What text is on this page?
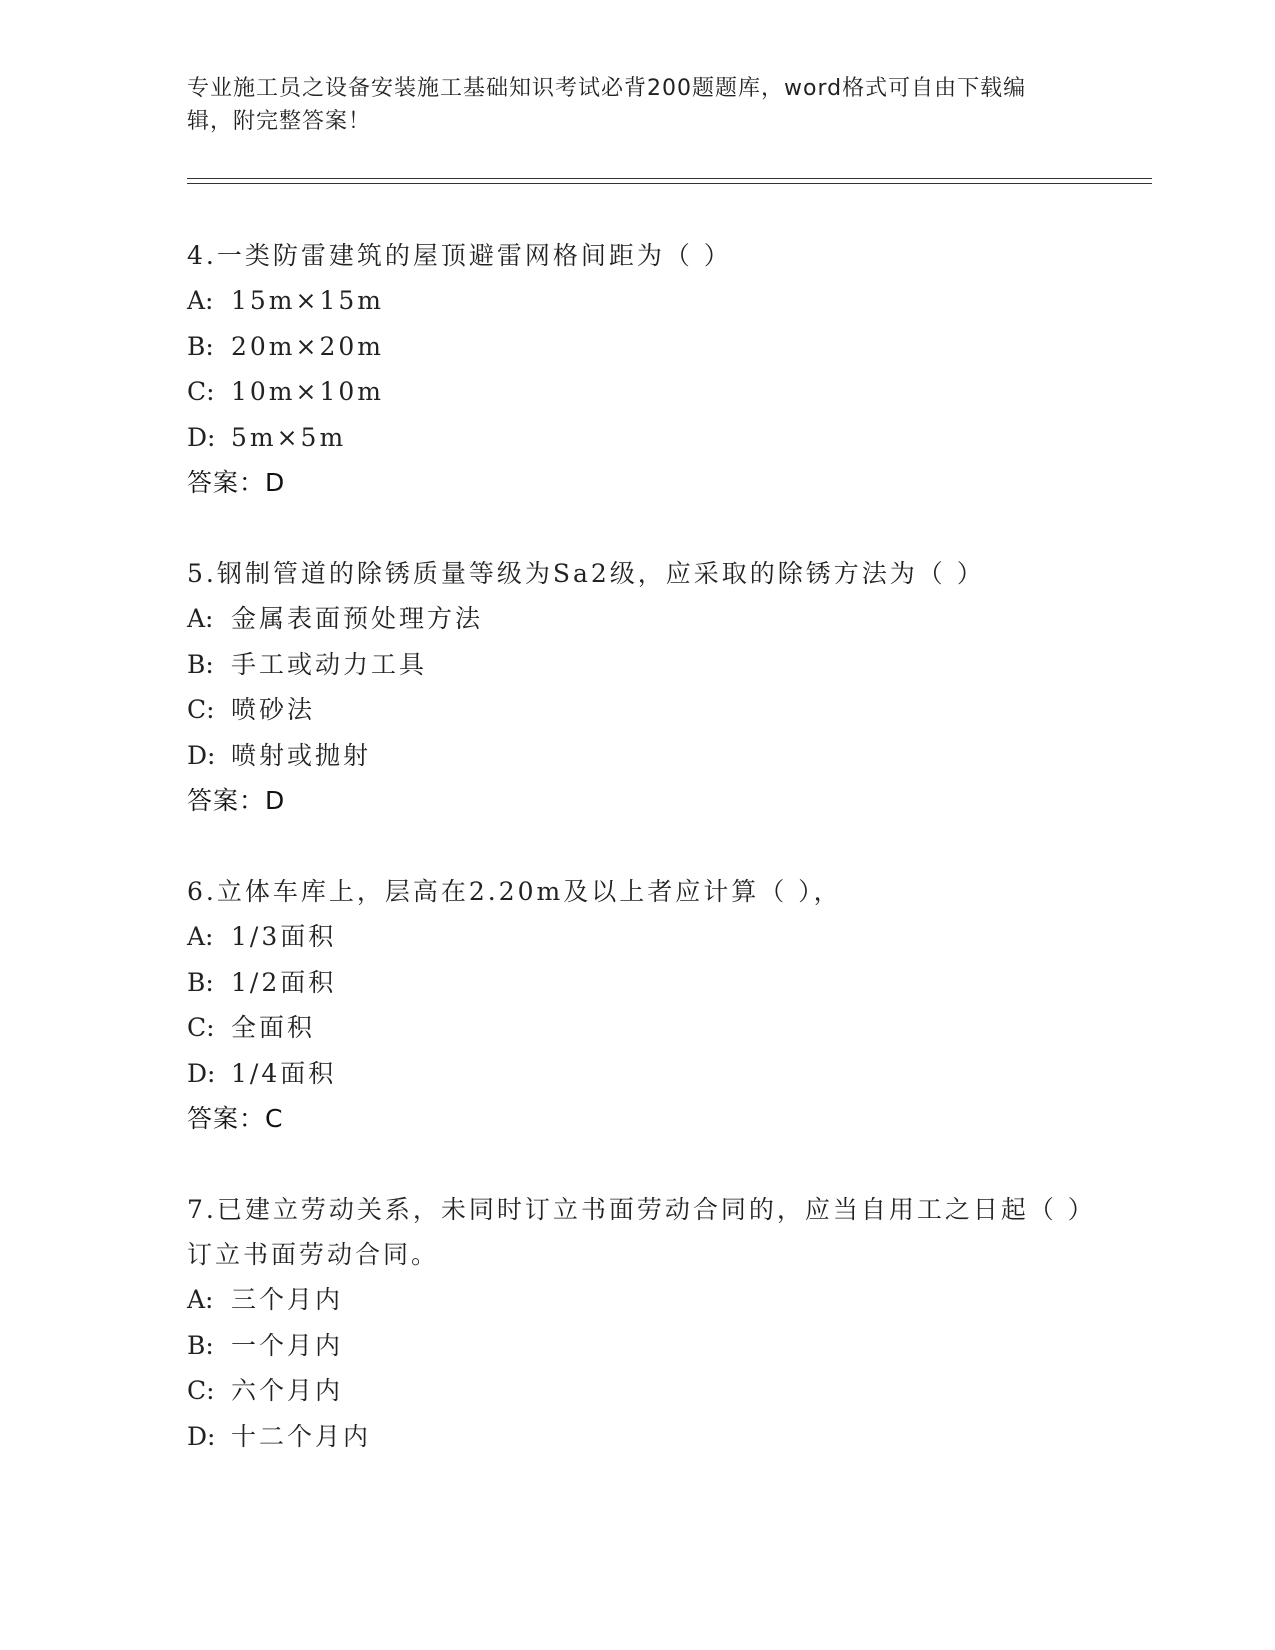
专业施工员之设备安装施工基础知识考试必背200题题库，word格式可自由下载编辑，附完整答案！

4.一类防雷建筑的屋顶避雷网格间距为（ ）

A: 15m×15m

B: 20m×20m

C: 10m×10m

D: 5m×5m

答案：D

5.钢制管道的除锈质量等级为Sa2级，应采取的除锈方法为（ ）

A: 金属表面预处理方法

B: 手工或动力工具

C: 喷砂法

D: 喷射或抛射

答案：D

6.立体车库上，层高在2.20m及以上者应计算（ ），

A: 1/3面积

B: 1/2面积

C: 全面积

D: 1/4面积

答案：C

7.已建立劳动关系，未同时订立书面劳动合同的，应当自用工之日起（ ）订立书面劳动合同。

A: 三个月内

B: 一个月内

C: 六个月内

D: 十二个月内
